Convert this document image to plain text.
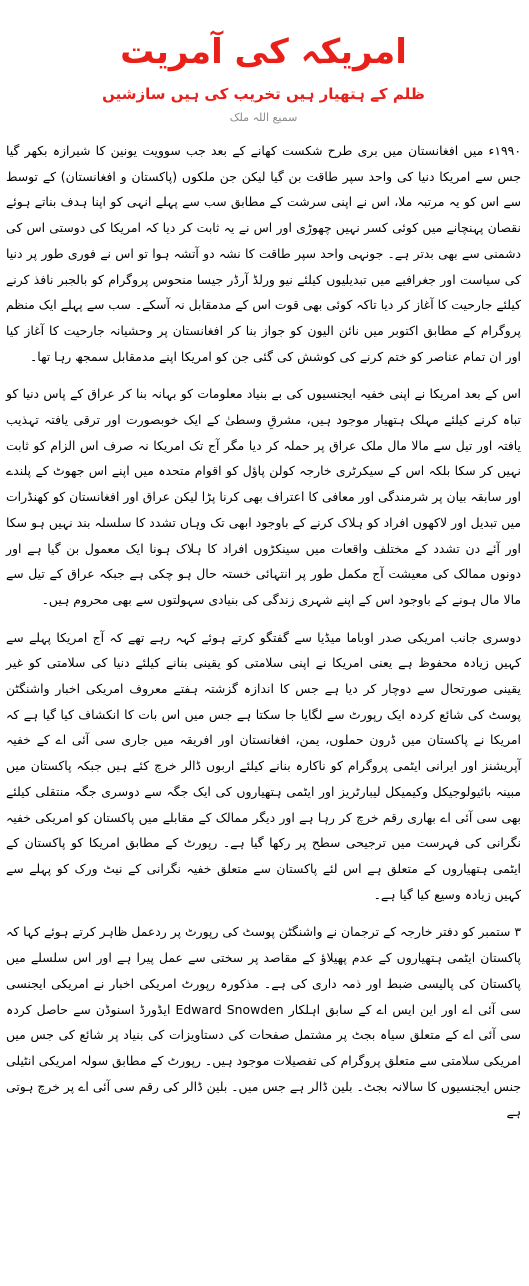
امریکہ کی آمریت
ظلم کے ہتھیار ہیں تخریب کی ہیں سازشیں
سمیع اللہ ملک

۱۹۹۰ء میں افغانستان میں بری طرح شکست کھانے کے بعد جب سوویت یونین کا شیرازہ بکھر گیا جس سے امریکا دنیا کی واحد سپر طاقت بن گیا لیکن جن ملکوں (پاکستان و افغانستان) کے توسط سے اس کو یہ مرتبہ ملا، اس نے اپنی سرشت کے مطابق سب سے پہلے انہی کو اپنا ہدف بناتے ہوئے نقصان پہنچانے میں کوئی کسر نہیں چھوڑی اور اس نے یہ ثابت کر دیا کہ امریکا کی دوستی اس کی دشمنی سے بھی بدتر ہے۔ جونہی واحد سپر طاقت کا نشہ دو آتشہ ہوا تو اس نے فوری طور پر دنیا کی سیاست اور جغرافیے میں تبدیلیوں کیلئے نیو ورلڈ آرڈر جیسا منحوس پروگرام کو بالجبر نافذ کرنے کیلئے جارحیت کا آغاز کر دیا تاکہ کوئی بھی قوت اس کے مدمقابل نہ آسکے۔ سب سے پہلے ایک منظم پروگرام کے مطابق اکتوبر میں نائن الیون کو جواز بنا کر افغانستان پر وحشیانہ جارحیت کا آغاز کیا اور ان تمام عناصر کو ختم کرنے کی کوشش کی گئی جن کو امریکا اپنے مدمقابل سمجھ رہا تھا۔

اس کے بعد امریکا نے اپنی خفیہ ایجنسیوں کی بے بنیاد معلومات کو بہانہ بنا کر عراق کے پاس دنیا کو تباہ کرنے کیلئے مہلک ہتھیار موجود ہیں، مشرقِ وسطیٰ کے ایک خوبصورت اور ترقی یافتہ تہذیب یافتہ اور تیل سے مالا مال ملک عراق پر حملہ کر دیا مگر آج تک امریکا نہ صرف اس الزام کو ثابت نہیں کر سکا بلکہ اس کے سیکرٹری خارجہ کولن پاؤل کو اقوام متحدہ میں اپنے اس جھوٹ کے پلندے اور سابقہ بیان پر شرمندگی اور معافی کا اعتراف بھی کرنا پڑا لیکن عراق اور افغانستان کو کھنڈرات میں تبدیل اور لاکھوں افراد کو ہلاک کرنے کے باوجود ابھی تک وہاں تشدد کا سلسلہ بند نہیں ہو سکا اور آئے دن تشدد کے مختلف واقعات میں سینکڑوں افراد کا ہلاک ہونا ایک معمول بن گیا ہے اور دونوں ممالک کی معیشت آج مکمل طور پر انتہائی خستہ حال ہو چکی ہے جبکہ عراق کے تیل سے مالا مال ہونے کے باوجود اس کے اپنے شہری زندگی کی بنیادی سہولتوں سے بھی محروم ہیں۔

دوسری جانب امریکی صدر اوباما میڈیا سے گفتگو کرتے ہوئے کہہ رہے تھے کہ آج امریکا پہلے سے کہیں زیادہ محفوظ ہے یعنی امریکا نے اپنی سلامتی کو یقینی بنانے کیلئے دنیا کی سلامتی کو غیر یقینی صورتحال سے دوچار کر دیا ہے جس کا اندازہ گزشتہ ہفتے معروف امریکی اخبار واشنگٹن پوسٹ کی شائع کردہ ایک رپورٹ سے لگایا جا سکتا ہے جس میں اس بات کا انکشاف کیا گیا ہے کہ امریکا نے پاکستان میں ڈرون حملوں، یمن، افغانستان اور افریقہ میں جاری سی آئی اے کے خفیہ آپریشنز اور ایرانی ایٹمی پروگرام کو ناکارہ بنانے کیلئے اربوں ڈالر خرچ کئے ہیں جبکہ پاکستان میں مبینہ بائیولوجیکل وکیمیکل لیبارٹریز اور ایٹمی ہتھیاروں کی ایک جگہ سے دوسری جگہ منتقلی کیلئے بھی سی آئی اے بھاری رقم خرچ کر رہا ہے اور دیگر ممالک کے مقابلے میں پاکستان کو امریکی خفیہ نگرانی کی فہرست میں ترجیحی سطح پر رکھا گیا ہے۔ رپورٹ کے مطابق امریکا کو پاکستان کے ایٹمی ہتھیاروں کے متعلق ہے اس لئے پاکستان سے متعلق خفیہ نگرانی کے نیٹ ورک کو پہلے سے کہیں زیادہ وسیع کیا گیا ہے۔

۳ ستمبر کو دفتر خارجہ کے ترجمان نے واشنگٹن پوسٹ کی رپورٹ پر ردعمل ظاہر کرتے ہوئے کہا کہ پاکستان ایٹمی ہتھیاروں کے عدم پھیلاؤ کے مقاصد پر سختی سے عمل پیرا ہے اور اس سلسلے میں پاکستان کی پالیسی ضبط اور ذمہ داری کی ہے۔ مذکورہ رپورٹ امریکی اخبار نے امریکی ایجنسی سی آئی اے اور این ایس اے کے سابق اہلکار Edward Snowden ایڈورڈ اسنوڈن سے حاصل کردہ سی آئی اے کے متعلق سیاہ بجٹ پر مشتمل صفحات کی دستاویزات کی بنیاد پر شائع کی جس میں امریکی سلامتی سے متعلق پروگرام کی تفصیلات موجود ہیں۔ رپورٹ کے مطابق سولہ امریکی انٹیلی جنس ایجنسیوں کا سالانہ بجٹ۔ بلین ڈالر ہے جس میں۔ بلین ڈالر کی رقم سی آئی اے پر خرچ ہوتی ہے
